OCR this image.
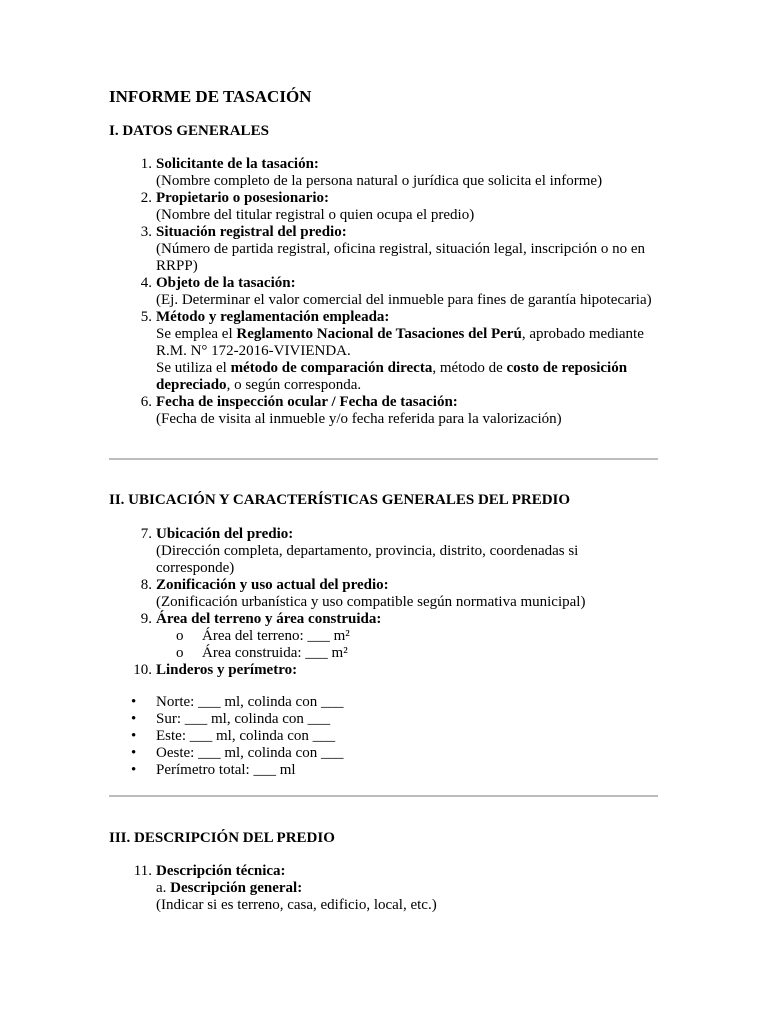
INFORME DE TASACIÓN
I. DATOS GENERALES
1. Solicitante de la tasación:
(Nombre completo de la persona natural o jurídica que solicita el informe)
2. Propietario o posesionario:
(Nombre del titular registral o quien ocupa el predio)
3. Situación registral del predio:
(Número de partida registral, oficina registral, situación legal, inscripción o no en RRPP)
4. Objeto de la tasación:
(Ej. Determinar el valor comercial del inmueble para fines de garantía hipotecaria)
5. Método y reglamentación empleada:
Se emplea el Reglamento Nacional de Tasaciones del Perú, aprobado mediante R.M. N° 172-2016-VIVIENDA.
Se utiliza el método de comparación directa, método de costo de reposición depreciado, o según corresponda.
6. Fecha de inspección ocular / Fecha de tasación:
(Fecha de visita al inmueble y/o fecha referida para la valorización)
II. UBICACIÓN Y CARACTERÍSTICAS GENERALES DEL PREDIO
7. Ubicación del predio:
(Dirección completa, departamento, provincia, distrito, coordenadas si corresponde)
8. Zonificación y uso actual del predio:
(Zonificación urbanística y uso compatible según normativa municipal)
9. Área del terreno y área construida:
o Área del terreno: ___ m²
o Área construida: ___ m²
10. Linderos y perímetro:
• Norte: ___ ml, colinda con ___
• Sur: ___ ml, colinda con ___
• Este: ___ ml, colinda con ___
• Oeste: ___ ml, colinda con ___
• Perímetro total: ___ ml
III. DESCRIPCIÓN DEL PREDIO
11. Descripción técnica:
a. Descripción general:
(Indicar si es terreno, casa, edificio, local, etc.)
